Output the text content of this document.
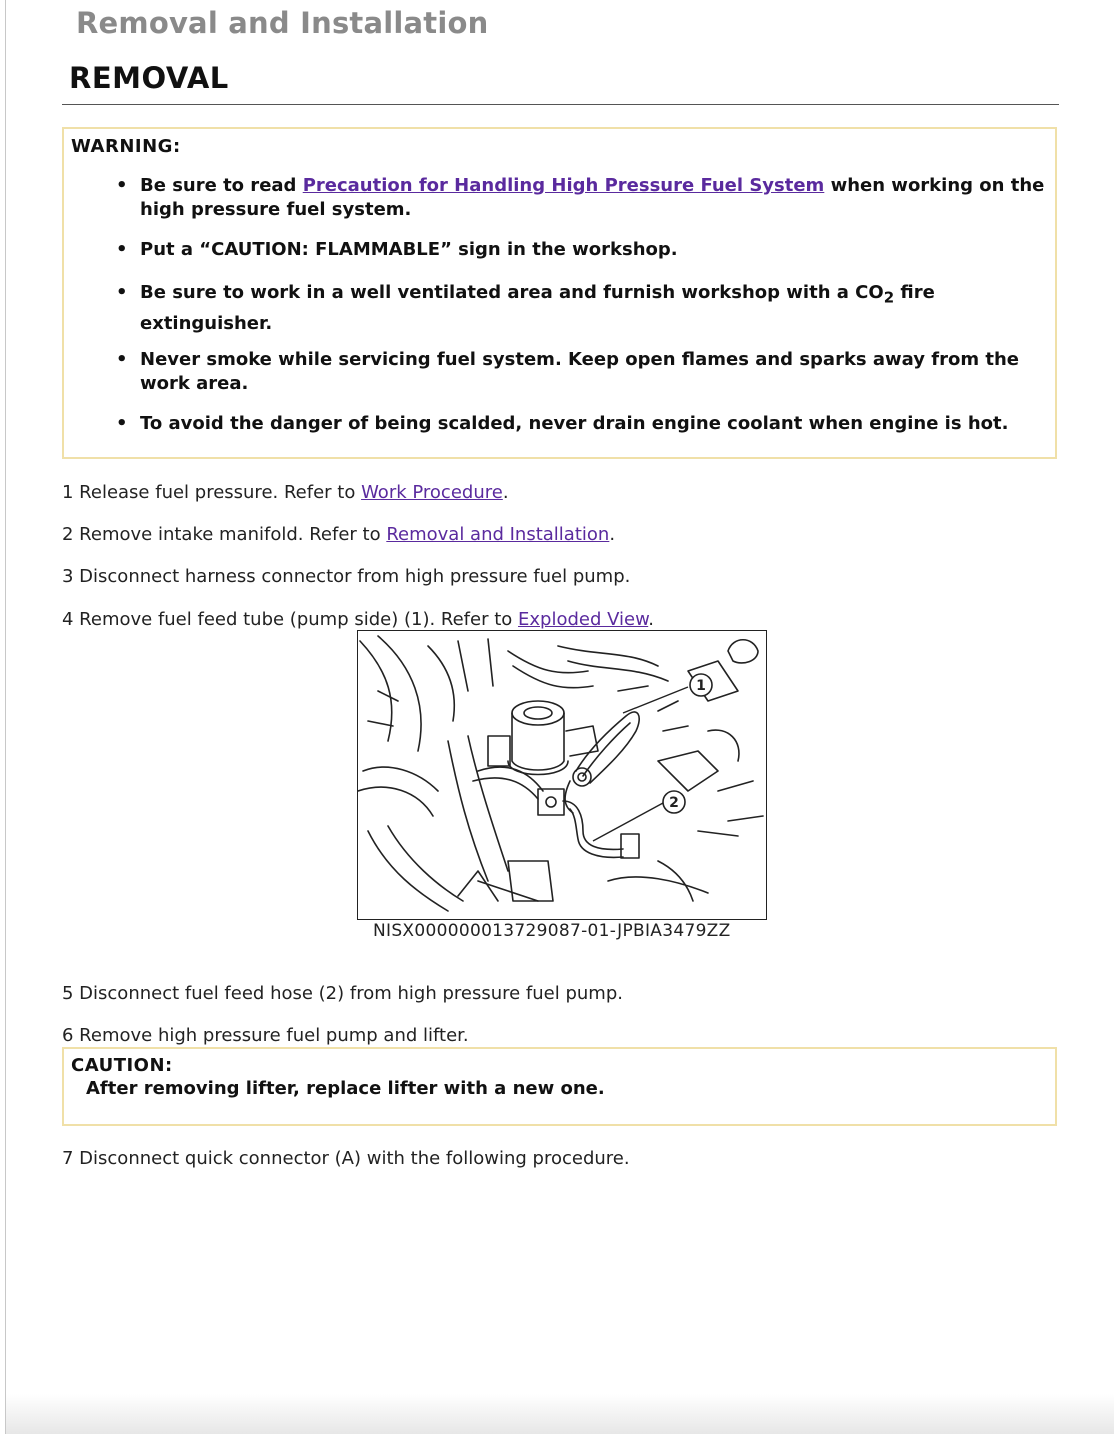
Removal and Installation
REMOVAL
WARNING:
• Be sure to read Precaution for Handling High Pressure Fuel System when working on the high pressure fuel system.
• Put a “CAUTION: FLAMMABLE” sign in the workshop.
• Be sure to work in a well ventilated area and furnish workshop with a $CO_2$ fire extinguisher.
• Never smoke while servicing fuel system. Keep open flames and sparks away from the work area.
• To avoid the danger of being scalded, never drain engine coolant when engine is hot.
1 Release fuel pressure. Refer to Work Procedure.
2 Remove intake manifold. Refer to Removal and Installation.
3 Disconnect harness connector from high pressure fuel pump.
4 Remove fuel feed tube (pump side) (1). Refer to Exploded View.
1
2
NISX000000013729087-01-JPBIA3479ZZ
5 Disconnect fuel feed hose (2) from high pressure fuel pump.
6 Remove high pressure fuel pump and lifter.
CAUTION:
After removing lifter, replace lifter with a new one.
7 Disconnect quick connector (A) with the following procedure.
